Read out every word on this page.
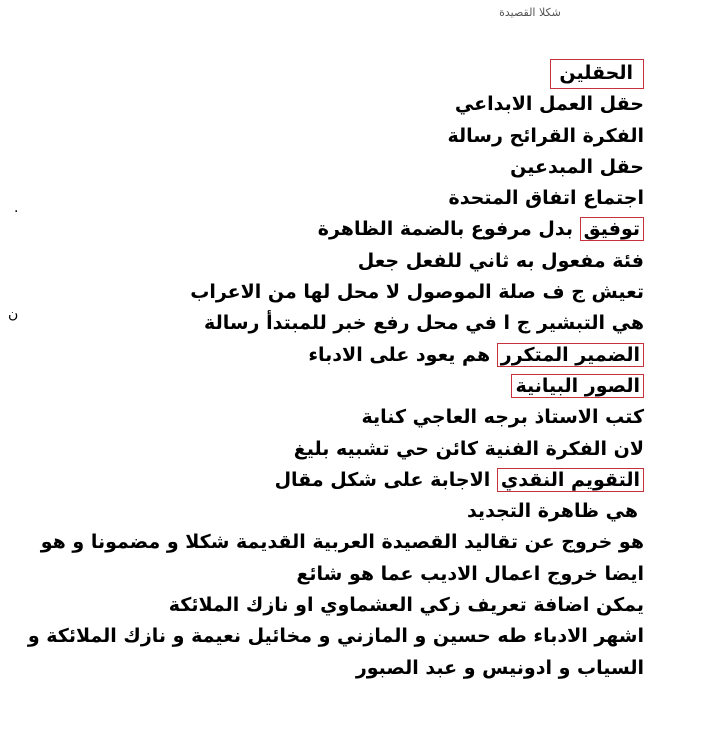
شكلا القصيدة
.
ن
الحقلين
حقل العمل الابداعي
الفكرة القرائح رسالة
حقل المبدعين
اجتماع اتفاق المتحدة
توفيق بدل مرفوع بالضمة الظاهرة
فئة مفعول به ثاني للفعل جعل
تعيش ج ف صلة الموصول لا محل لها من الاعراب
هي التبشير ج ا في محل رفع خبر للمبتدأ رسالة
الضمير المتكرر هم يعود على الادباء
الصور البيانية
كتب الاستاذ برجه العاجي كناية
لان الفكرة الفنية كائن حي تشبيه بليغ
التقويم النقدي الاجابة على شكل مقال
هي ظاهرة التجديد
هو خروج عن تقاليد القصيدة العربية القديمة شكلا و مضمونا و هو
ايضا خروج اعمال الاديب عما هو شائع
يمكن اضافة تعريف زكي العشماوي او نازك الملائكة
اشهر الادباء طه حسين و المازني و مخائيل نعيمة و نازك الملائكة و
السياب و ادونيس و عبد الصبور
